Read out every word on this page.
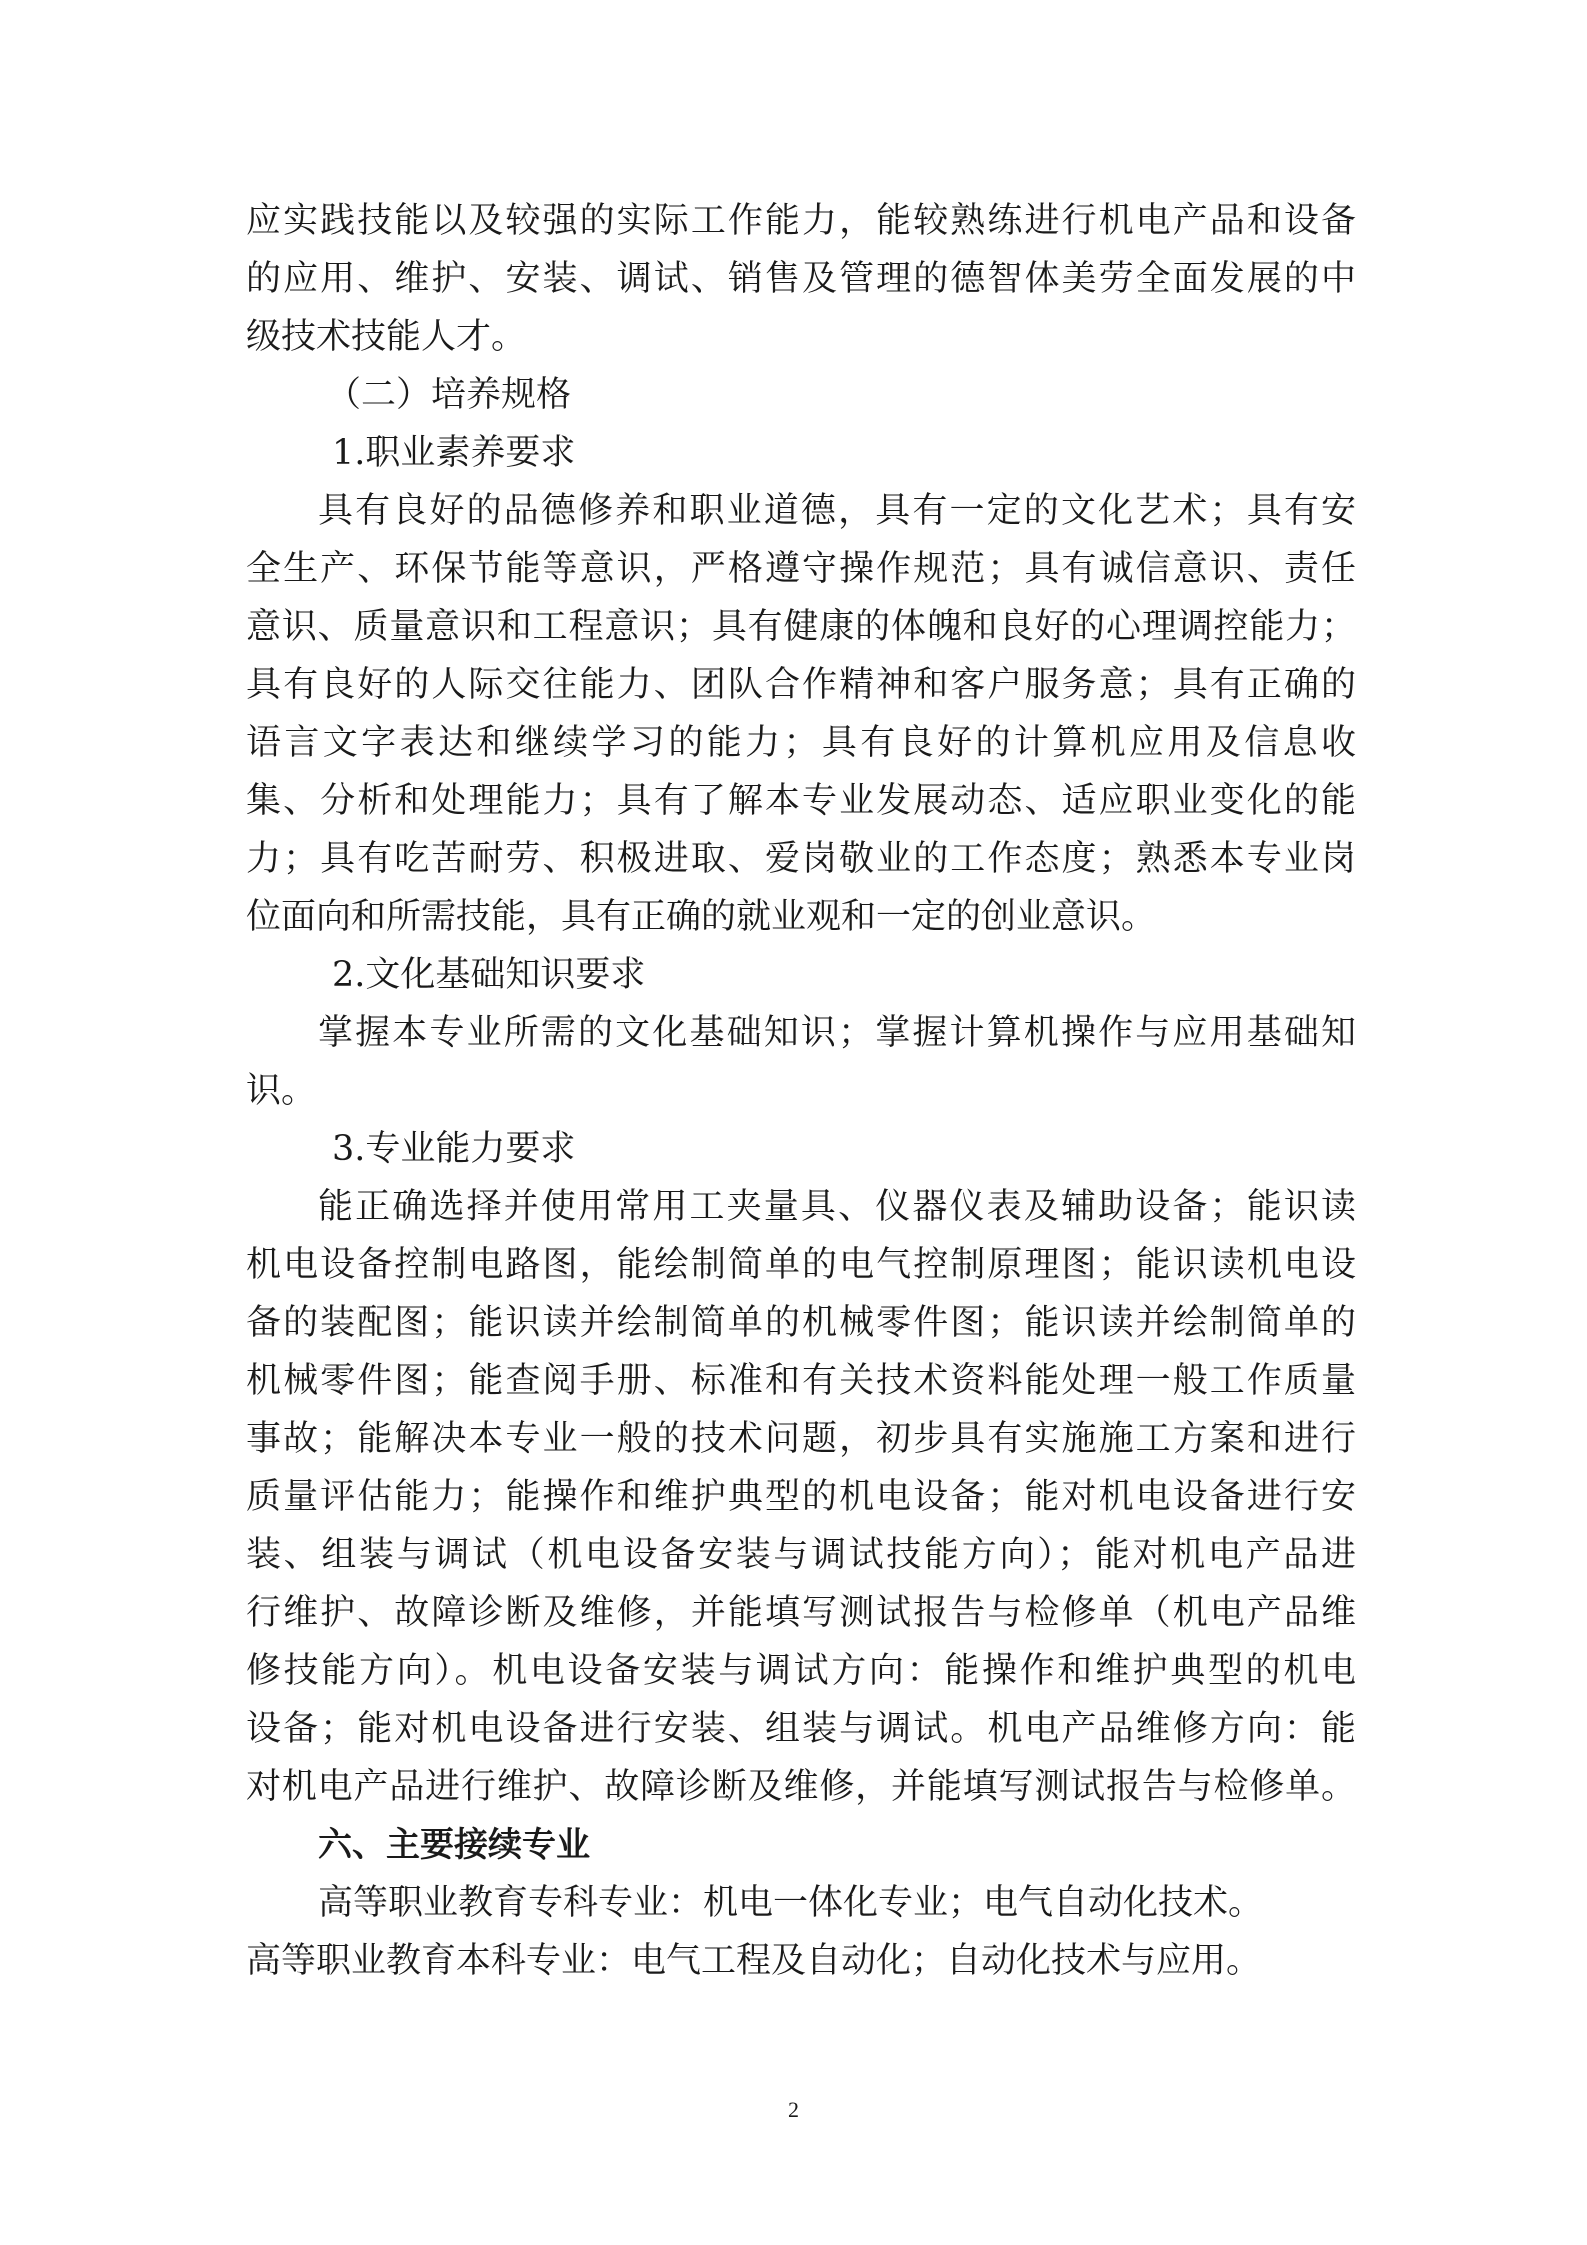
应实践技能以及较强的实际工作能力，能较熟练进行机电产品和设备
的应用、维护、安装、调试、销售及管理的德智体美劳全面发展的中
级技术技能人才。
（二）培养规格
1.职业素养要求
具有良好的品德修养和职业道德，具有一定的文化艺术；具有安
全生产、环保节能等意识，严格遵守操作规范；具有诚信意识、责任
意识、质量意识和工程意识；具有健康的体魄和良好的心理调控能力；
具有良好的人际交往能力、团队合作精神和客户服务意；具有正确的
语言文字表达和继续学习的能力；具有良好的计算机应用及信息收
集、分析和处理能力；具有了解本专业发展动态、适应职业变化的能
力；具有吃苦耐劳、积极进取、爱岗敬业的工作态度；熟悉本专业岗
位面向和所需技能，具有正确的就业观和一定的创业意识。
2.文化基础知识要求
掌握本专业所需的文化基础知识；掌握计算机操作与应用基础知
识。
3.专业能力要求
能正确选择并使用常用工夹量具、仪器仪表及辅助设备；能识读
机电设备控制电路图，能绘制简单的电气控制原理图；能识读机电设
备的装配图；能识读并绘制简单的机械零件图；能识读并绘制简单的
机械零件图；能查阅手册、标准和有关技术资料能处理一般工作质量
事故；能解决本专业一般的技术问题，初步具有实施施工方案和进行
质量评估能力；能操作和维护典型的机电设备；能对机电设备进行安
装、组装与调试（机电设备安装与调试技能方向）；能对机电产品进
行维护、故障诊断及维修，并能填写测试报告与检修单（机电产品维
修技能方向）。机电设备安装与调试方向：能操作和维护典型的机电
设备；能对机电设备进行安装、组装与调试。机电产品维修方向：能
对机电产品进行维护、故障诊断及维修，并能填写测试报告与检修单。
六、主要接续专业
高等职业教育专科专业：机电一体化专业；电气自动化技术。
高等职业教育本科专业：电气工程及自动化；自动化技术与应用。
2
